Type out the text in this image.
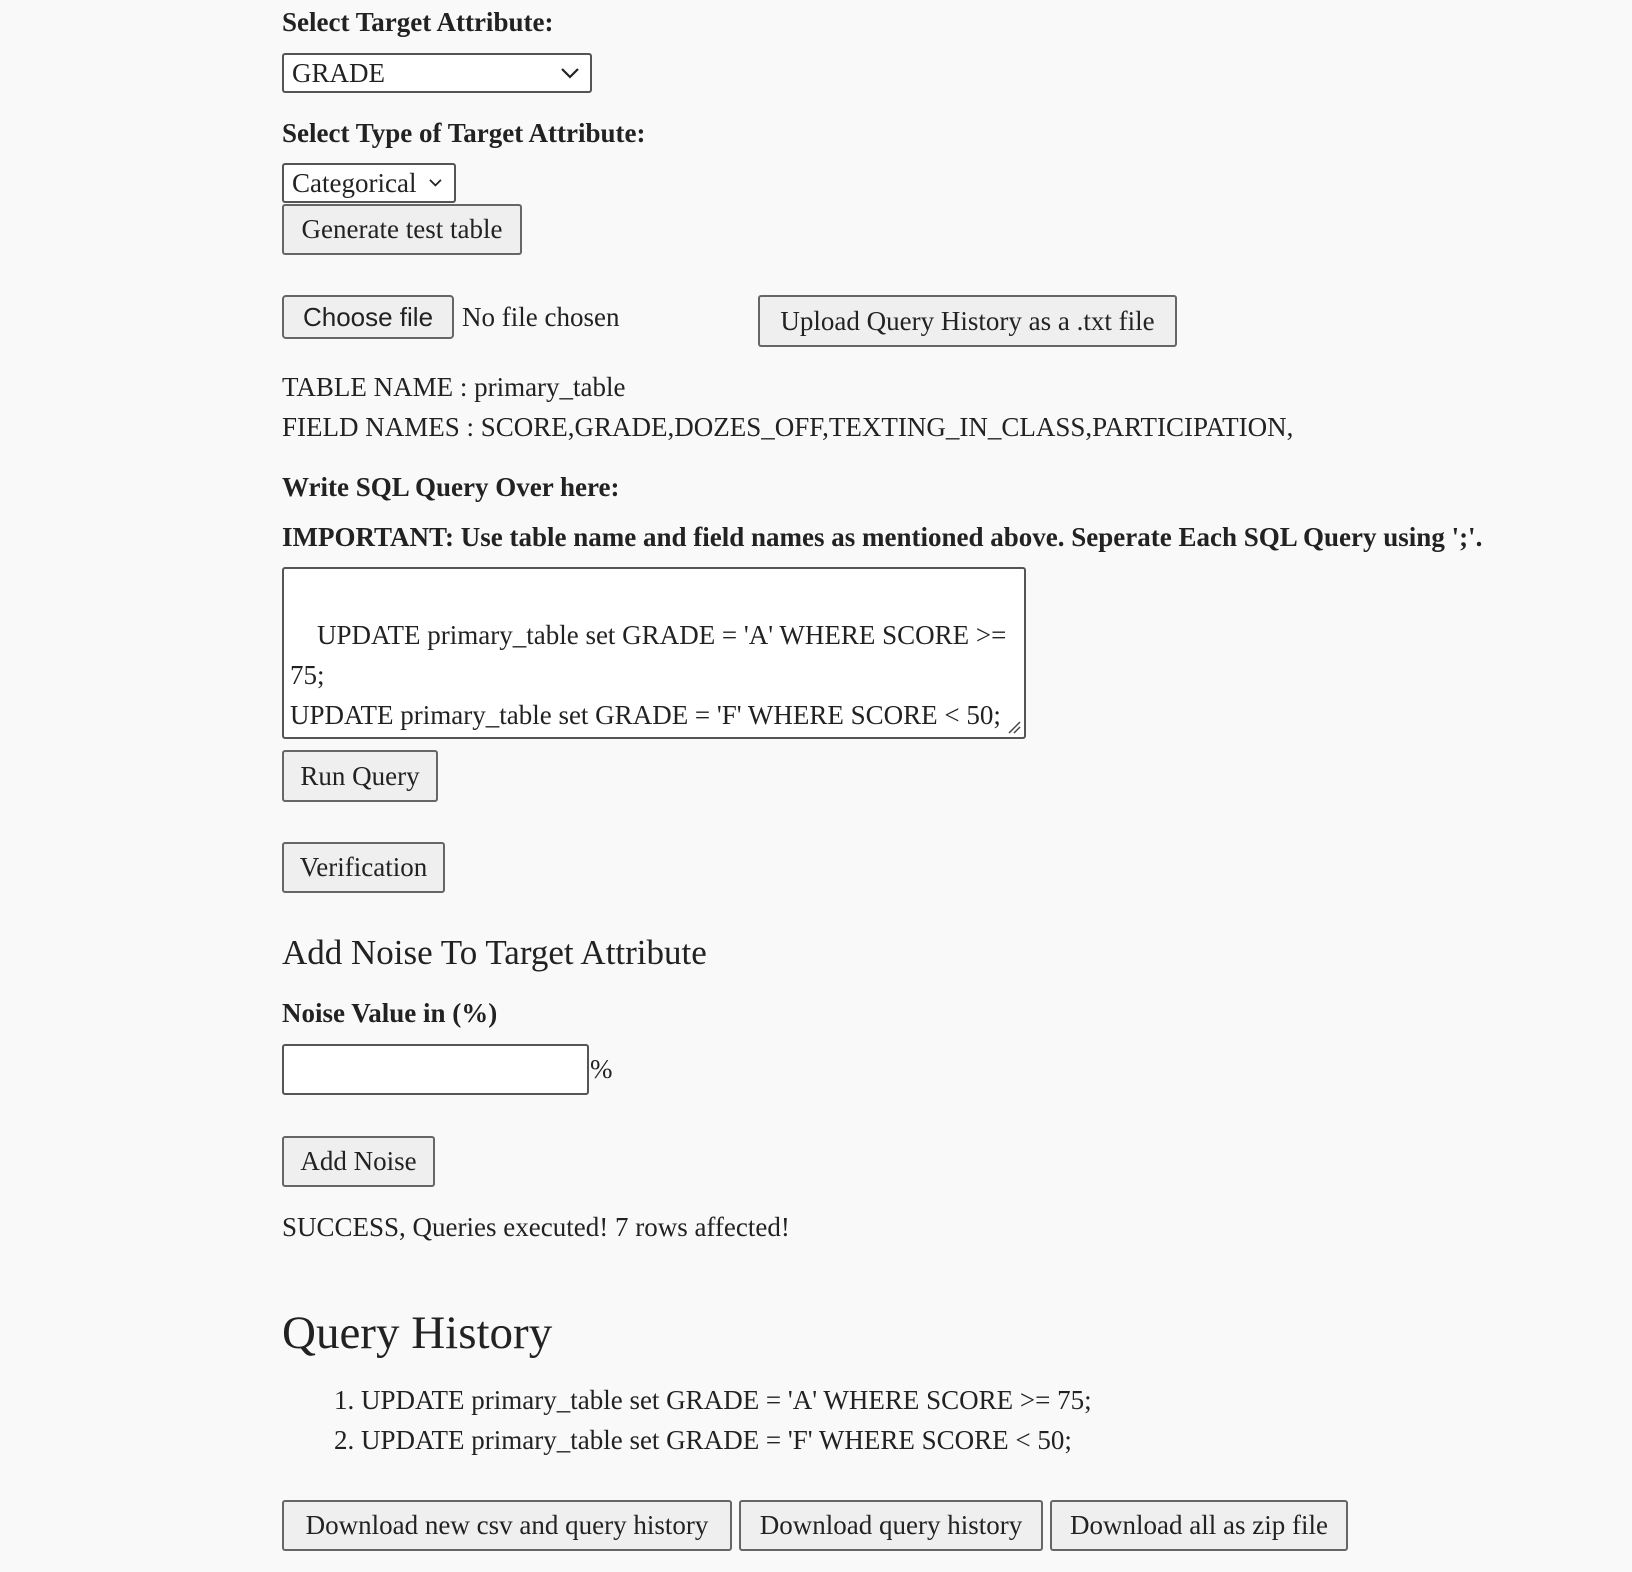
Select Target Attribute:
GRADE
Select Type of Target Attribute:
Categorical
Generate test table
Choose file	No file chosen	Upload Query History as a .txt file
TABLE NAME : primary_table
FIELD NAMES : SCORE,GRADE,DOZES_OFF,TEXTING_IN_CLASS,PARTICIPATION,
Write SQL Query Over here:
IMPORTANT: Use table name and field names as mentioned above. Seperate Each SQL Query using ';'.

UPDATE primary_table set GRADE = 'A' WHERE SCORE >= 75;
UPDATE primary_table set GRADE = 'F' WHERE SCORE < 50;

Run Query
Verification
Add Noise To Target Attribute
Noise Value in (%)
%
Add Noise
SUCCESS, Queries executed! 7 rows affected!
Query History
1. UPDATE primary_table set GRADE = 'A' WHERE SCORE >= 75;
2. UPDATE primary_table set GRADE = 'F' WHERE SCORE < 50;
Download new csv and query history	Download query history	Download all as zip file
